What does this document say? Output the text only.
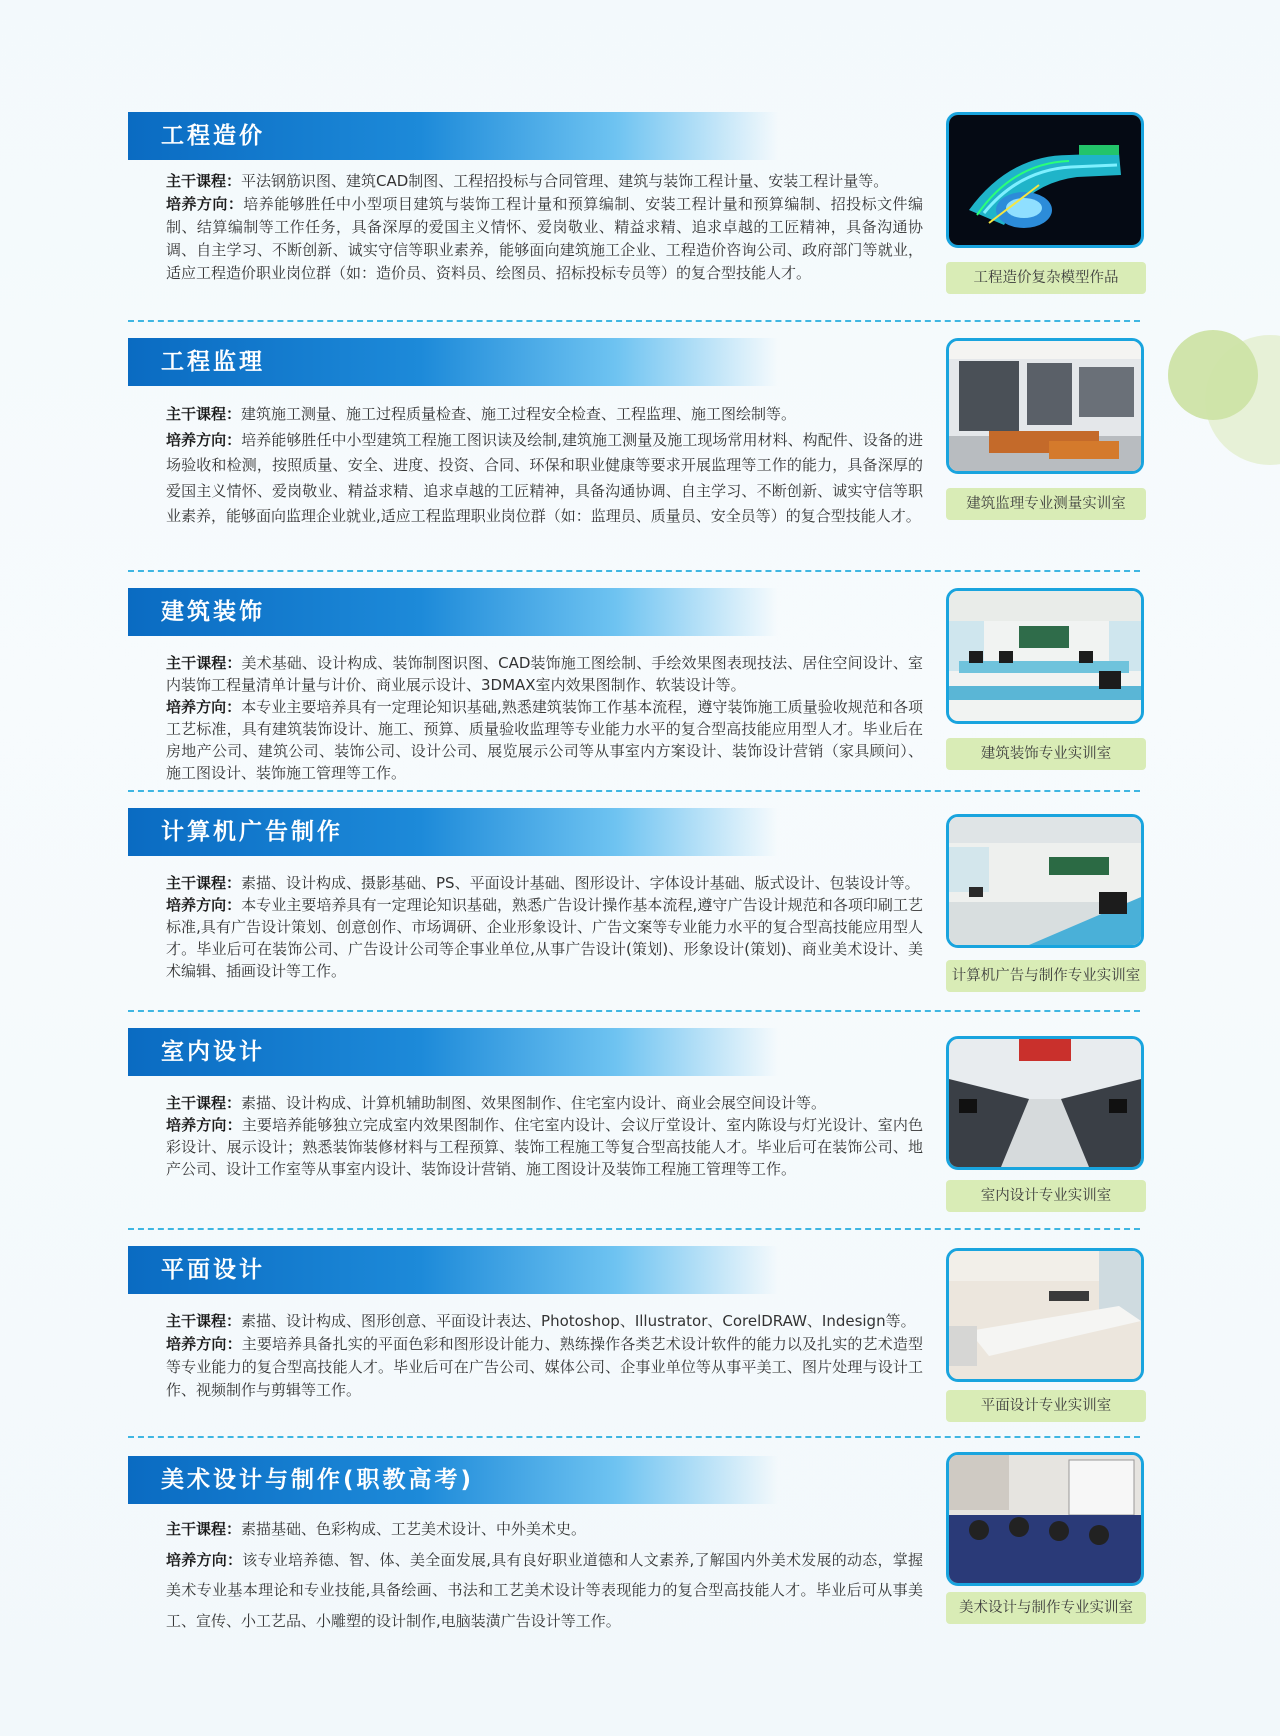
工程造价

主干课程：平法钢筋识图、建筑CAD制图、工程招投标与合同管理、建筑与装饰工程计量、安装工程计量等。

培养方向：培养能够胜任中小型项目建筑与装饰工程计量和预算编制、安装工程计量和预算编制、招投标文件编制、结算编制等工作任务，具备深厚的爱国主义情怀、爱岗敬业、精益求精、追求卓越的工匠精神，具备沟通协调、自主学习、不断创新、诚实守信等职业素养，能够面向建筑施工企业、工程造价咨询公司、政府部门等就业，适应工程造价职业岗位群（如：造价员、资料员、绘图员、招标投标专员等）的复合型技能人才。	工程造价复杂模型作品
工程监理

主干课程：建筑施工测量、施工过程质量检查、施工过程安全检查、工程监理、施工图绘制等。

培养方向：培养能够胜任中小型建筑工程施工图识读及绘制,建筑施工测量及施工现场常用材料、构配件、设备的进场验收和检测，按照质量、安全、进度、投资、合同、环保和职业健康等要求开展监理等工作的能力，具备深厚的爱国主义情怀、爱岗敬业、精益求精、追求卓越的工匠精神，具备沟通协调、自主学习、不断创新、诚实守信等职业素养，能够面向监理企业就业,适应工程监理职业岗位群（如：监理员、质量员、安全员等）的复合型技能人才。

建筑监理专业测量实训室
建筑装饰

主干课程：美术基础、设计构成、装饰制图识图、CAD装饰施工图绘制、手绘效果图表现技法、居住空间设计、室内装饰工程量清单计量与计价、商业展示设计、3DMAX室内效果图制作、软装设计等。

培养方向：本专业主要培养具有一定理论知识基础,熟悉建筑装饰工作基本流程，遵守装饰施工质量验收规范和各项工艺标准，具有建筑装饰设计、施工、预算、质量验收监理等专业能力水平的复合型高技能应用型人才。毕业后在房地产公司、建筑公司、装饰公司、设计公司、展览展示公司等从事室内方案设计、装饰设计营销（家具顾问）、施工图设计、装饰施工管理等工作。

建筑装饰专业实训室
计算机广告制作

主干课程：素描、设计构成、摄影基础、PS、平面设计基础、图形设计、字体设计基础、版式设计、包装设计等。

培养方向：本专业主要培养具有一定理论知识基础，熟悉广告设计操作基本流程,遵守广告设计规范和各项印刷工艺标准,具有广告设计策划、创意创作、市场调研、企业形象设计、广告文案等专业能力水平的复合型高技能应用型人才。毕业后可在装饰公司、广告设计公司等企事业单位,从事广告设计(策划)、形象设计(策划)、商业美术设计、美术编辑、插画设计等工作。	计算机广告与制作专业实训室
室内设计

主干课程：素描、设计构成、计算机辅助制图、效果图制作、住宅室内设计、商业会展空间设计等。

培养方向：主要培养能够独立完成室内效果图制作、住宅室内设计、会议厅堂设计、室内陈设与灯光设计、室内色彩设计、展示设计；熟悉装饰装修材料与工程预算、装饰工程施工等复合型高技能人才。毕业后可在装饰公司、地产公司、设计工作室等从事室内设计、装饰设计营销、施工图设计及装饰工程施工管理等工作。

室内设计专业实训室
平面设计

主干课程：素描、设计构成、图形创意、平面设计表达、Photoshop、Illustrator、CorelDRAW、Indesign等。

培养方向：主要培养具备扎实的平面色彩和图形设计能力、熟练操作各类艺术设计软件的能力以及扎实的艺术造型等专业能力的复合型高技能人才。毕业后可在广告公司、媒体公司、企事业单位等从事平美工、图片处理与设计工作、视频制作与剪辑等工作。

平面设计专业实训室
美术设计与制作(职教高考)

主干课程：素描基础、色彩构成、工艺美术设计、中外美术史。

培养方向：该专业培养德、智、体、美全面发展,具有良好职业道德和人文素养,了解国内外美术发展的动态，掌握美术专业基本理论和专业技能,具备绘画、书法和工艺美术设计等表现能力的复合型高技能人才。毕业后可从事美工、宣传、小工艺品、小雕塑的设计制作,电脑装潢广告设计等工作。

美术设计与制作专业实训室
